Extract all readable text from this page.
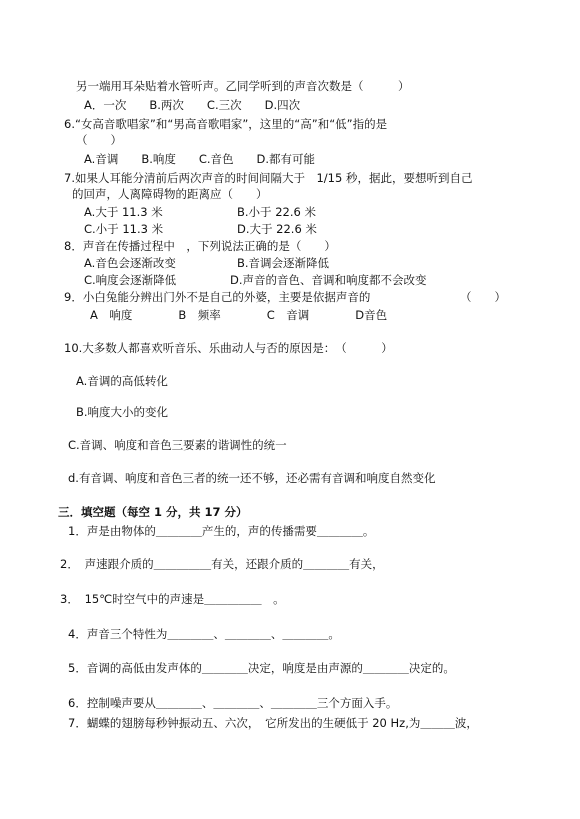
另一端用耳朵贴着水管听声。乙同学听到的声音次数是（　　　）
A．一次　　B.两次　　C.三次　　D.四次
6.“女高音歌唱家”和“男高音歌唱家”，这里的“高”和“低”指的是
（　　）
A.音调　　B.响度　　C.音色　　D.都有可能
7.如果人耳能分清前后两次声音的时间间隔大于　1/15 秒，据此，要想听到自己
的回声，人离障碍物的距离应（　　）
A.大于 11.3 米	B.小于 22.6 米
C.小于 11.3 米	D.大于 22.6 米
8．声音在传播过程中　，下列说法正确的是（　　）
A.音色会逐渐改变	B.音调会逐渐降低
C.响度会逐渐降低	D.声音的音色、音调和响度都不会改变
9．小白兔能分辨出门外不是自己的外婆，主要是依据声音的	（　　）
A　响度　　　　B　频率　　　　C　音调　　　　D音色
10.大多数人都喜欢听音乐、乐曲动人与否的原因是：　（　　　）
A.音调的高低转化
B.响度大小的变化
C.音调、响度和音色三要素的谐调性的统一
d.有音调、响度和音色三者的统一还不够，还必需有音调和响度自然变化
三．填空题（每空 1 分，共 17 分）
1．声是由物体的＿＿＿＿产生的，声的传播需要＿＿＿＿。
2．　声速跟介质的＿＿＿＿＿有关，还跟介质的＿＿＿＿有关，
3．　15℃时空气中的声速是＿＿＿＿＿　。
4．声音三个特性为＿＿＿＿、＿＿＿＿、＿＿＿＿。
5．音调的高低由发声体的＿＿＿＿决定，响度是由声源的＿＿＿＿决定的。
6．控制噪声要从＿＿＿＿、＿＿＿＿、＿＿＿＿三个方面入手。
7．蝴蝶的翅膀每秒钟振动五、六次，　它所发出的生硬低于 20 Hz,为＿＿＿波，
